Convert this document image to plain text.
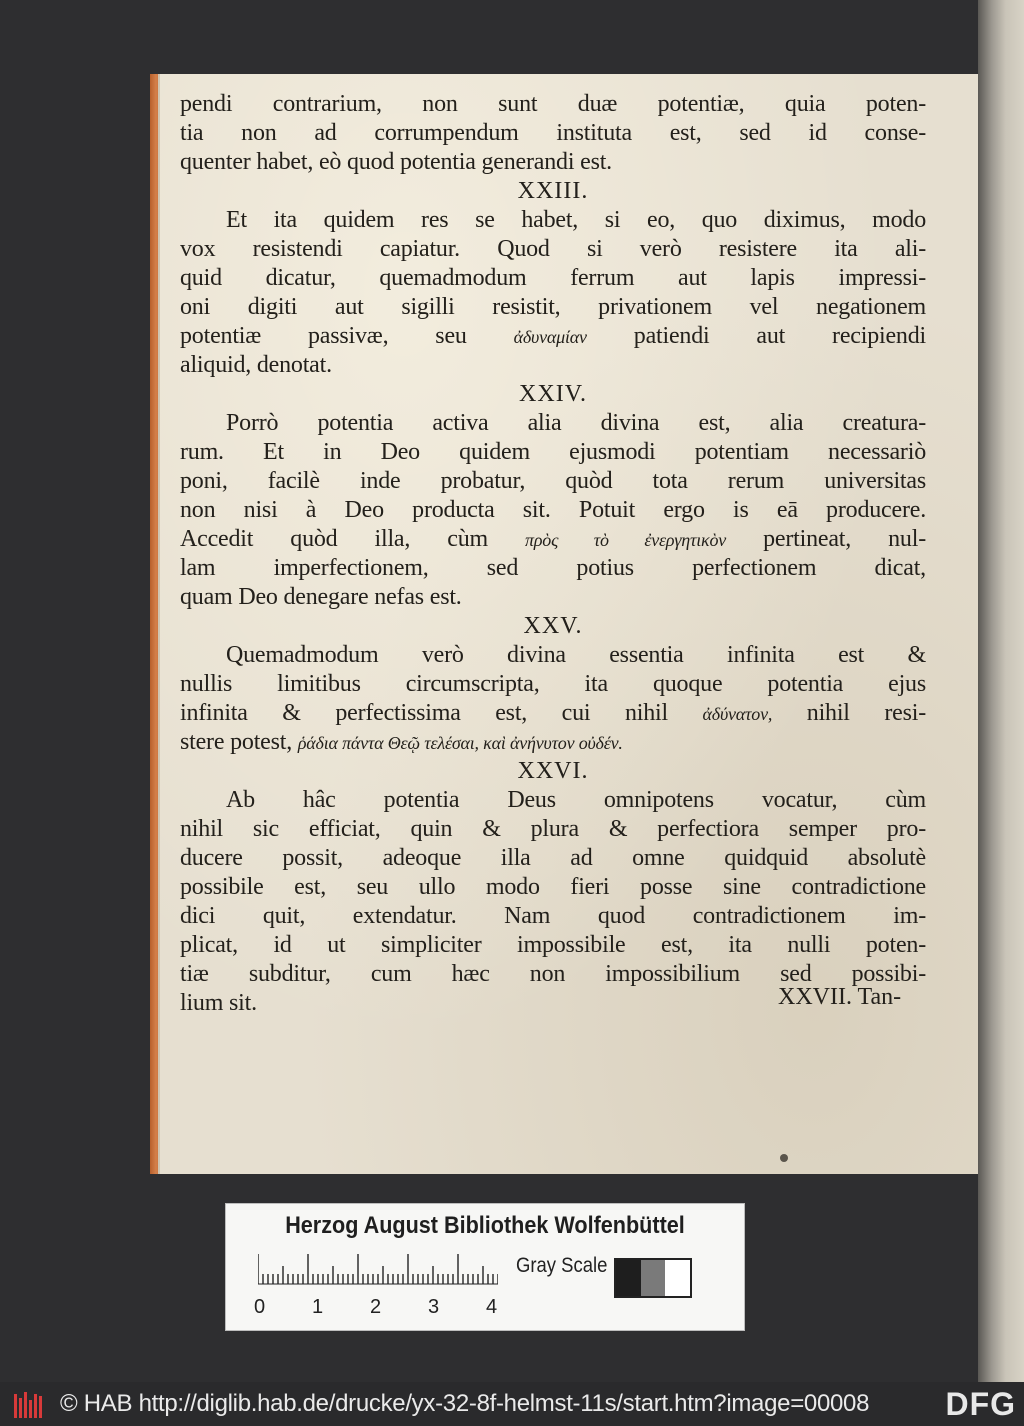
pendi contrarium, non sunt duæ potentiæ, quia poten-
tia non ad corrumpendum instituta est, sed id conse-
quenter habet, eò quod potentia generandi est.
XXIII.
Et ita quidem res se habet, si eo, quo diximus, modo
vox resistendi capiatur. Quod si verò resistere ita ali-
quid dicatur, quemadmodum ferrum aut lapis impressi-
oni digiti aut sigilli resistit, privationem vel negationem
potentiæ passivæ, seu	ἀδυναμίαν patiendi aut recipiendi
aliquid, denotat.
XXIV.
Porrò potentia activa alia divina est, alia creatura-
rum. Et in Deo quidem ejusmodi potentiam necessariò
poni, facilè inde probatur, quòd tota rerum universitas
non nisi à Deo producta sit. Potuit ergo is eā producere.
Accedit quòd illa, cùm πρὸς τὸ ἐνεργητικὸν pertineat, nul-
lam imperfectionem, sed potius perfectionem dicat,
quam Deo denegare nefas est.
XXV.
Quemadmodum verò divina essentia infinita est &
nullis limitibus circumscripta, ita quoque potentia ejus
infinita & perfectissima est, cui nihil ἀδύνατον, nihil resi-
stere potest, ῥάδια πάντα Θεῷ τελέσαι, καὶ ἀνήνυτον οὐδέν.
XXVI.
Ab hâc potentia Deus omnipotens vocatur, cùm
nihil sic efficiat, quin & plura & perfectiora semper pro-
ducere possit, adeoque illa ad omne quidquid absolutè
possibile est, seu ullo modo fieri posse sine contradictione
dici quit, extendatur. Nam quod contradictionem im-
plicat, id ut simpliciter impossibile est, ita nulli poten-
tiæ subditur, cum hæc non impossibilium sed possibi-
lium sit.	XXVII. Tan-
Herzog August Bibliothek Wolfenbüttel
0 1 2 3 4
Gray Scale
© HAB http://diglib.hab.de/drucke/yx-32-8f-helmst-11s/start.htm?image=00008 DFG
